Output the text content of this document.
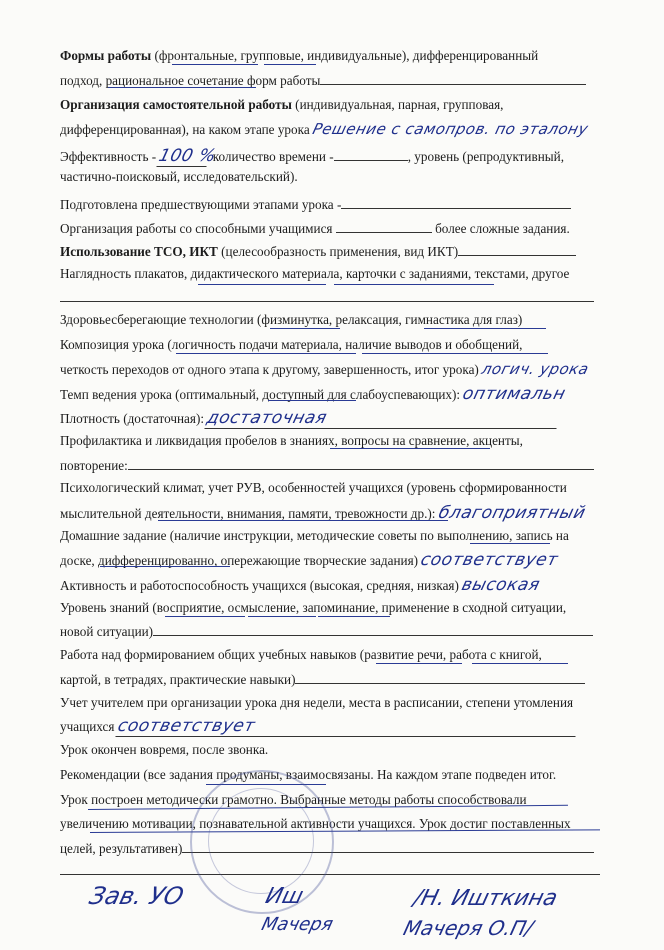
Формы работы (фронтальные, групповые, индивидуальные), дифференцированный
подход, рациональное сочетание форм работы
Организация самостоятельной работы (индивидуальная, парная, групповая,
дифференцированная), на каком этапе урока Решение с самопров. по эталону
Эффективность - 100 % количество времени -	, уровень (репродуктивный,
частично-поисковый, исследовательский).
Подготовлена предшествующими этапами урока -
Организация работы со способными учащимися	более сложные задания.
Использование ТСО, ИКТ (целесообразность применения, вид ИКТ)
Наглядность плакатов, дидактического материала, карточки с заданиями, текстами, другое
Здоровьесберегающие технологии (физминутка, релаксация, гимнастика для глаз)
Композиция урока (логичность подачи материала, наличие выводов и обобщений,
четкость переходов от одного этапа к другому, завершенность, итог урока) логич. урока
Темп ведения урока (оптимальный, доступный для слабоуспевающих): оптимальн
Плотность (достаточная): достаточная
Профилактика и ликвидация пробелов в знаниях, вопросы на сравнение, акценты,
повторение:
Психологический климат, учет РУВ, особенностей учащихся (уровень сформированности
мыслительной деятельности, внимания, памяти, тревожности др.): благоприятный
Домашние задание (наличие инструкции, методические советы по выполнению, запись на
доске, дифференцированно, опережающие творческие задания) соответствует
Активность и работоспособность учащихся (высокая, средняя, низкая) высокая
Уровень знаний (восприятие, осмысление, запоминание, применение в сходной ситуации,
новой ситуации)
Работа над формированием общих учебных навыков (развитие речи, работа с книгой,
картой, в тетрадях, практические навыки)
Учет учителем при организации урока дня недели, места в расписании, степени утомления
учащихся соответствует
Урок окончен вовремя, после звонка.
Рекомендации (все задания продуманы, взаимосвязаны. На каждом этапе подведен итог.
Урок построен методически грамотно. Выбранные методы работы способствовали
увеличению мотивации, познавательной активности учащихся. Урок достиг поставленных
целей, результативен)
Зав. УО	Иш
Мачеря
/Н. Ишткина
Мачеря О.П/
